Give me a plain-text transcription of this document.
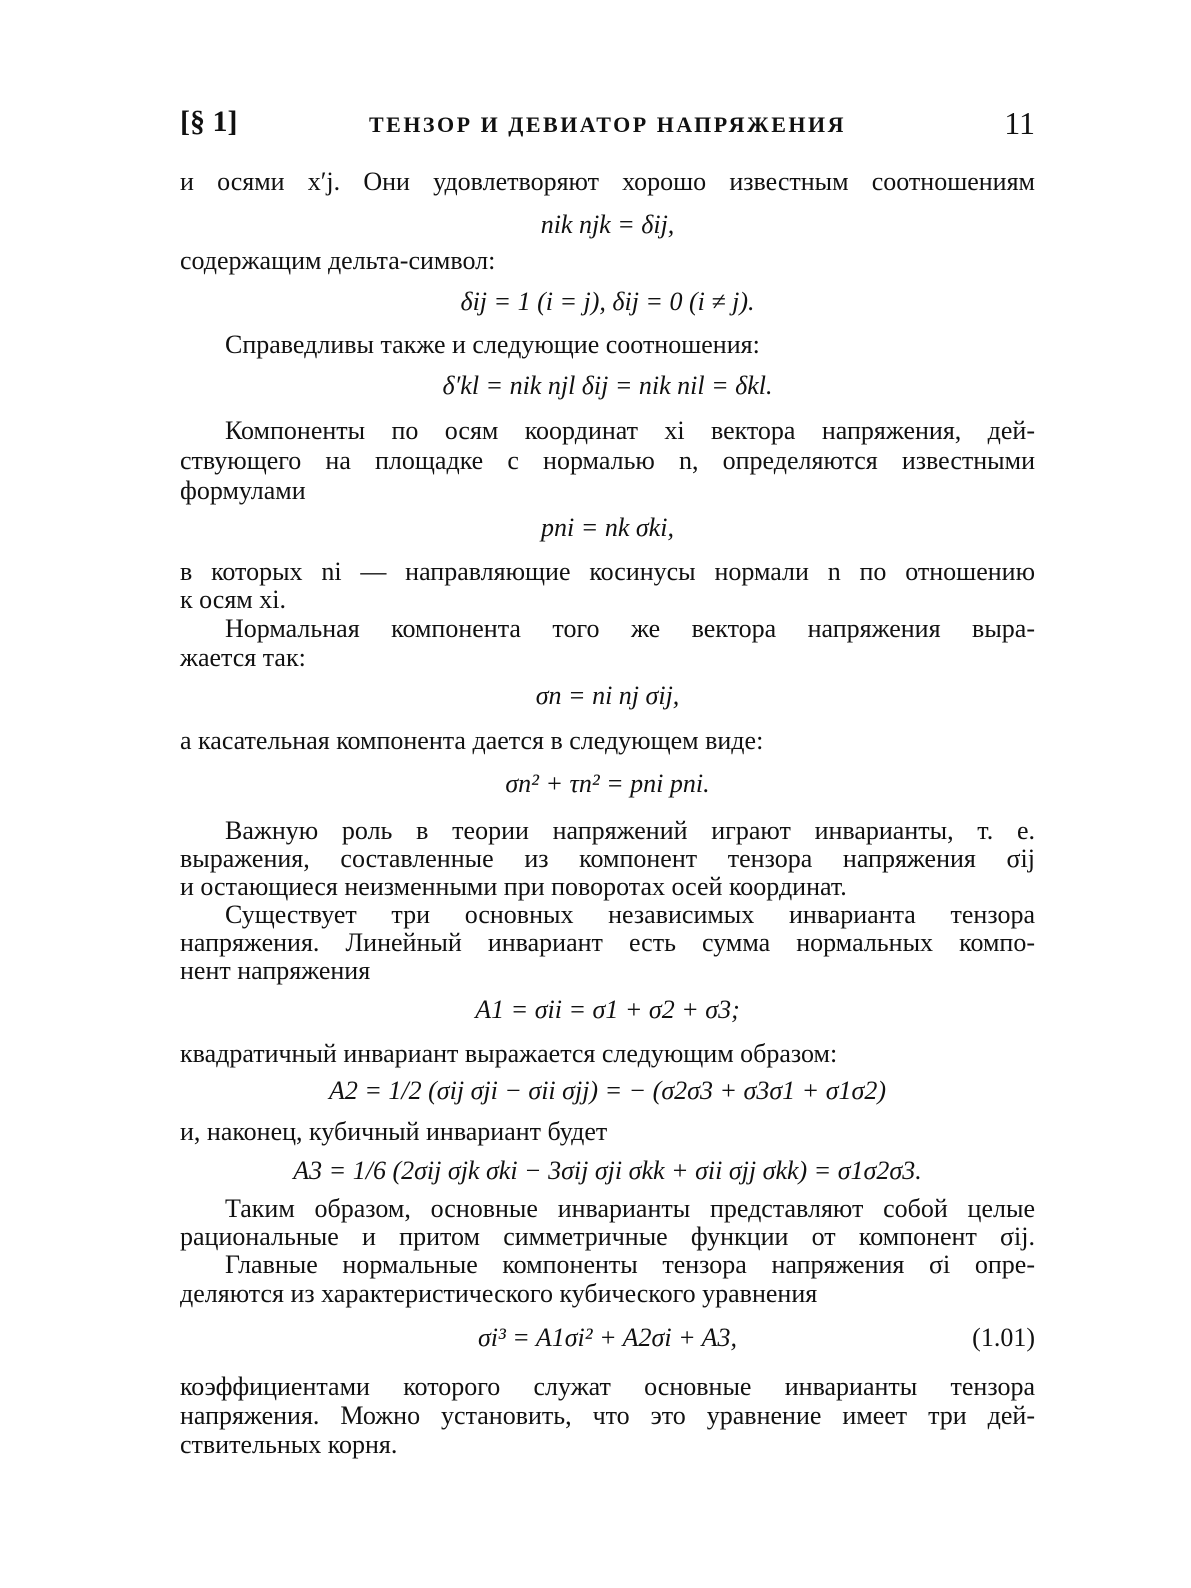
[§ 1]	ТЕНЗОР И ДЕВИАТОР НАПРЯЖЕНИЯ	11
и осями x′j. Они удовлетворяют хорошо известным соотношениям
nik njk = δij,
содержащим дельта-символ:
δij = 1 (i = j), δij = 0 (i ≠ j).
Справедливы также и следующие соотношения:
δ′kl = nik njl δij = nik nil = δkl.
Компоненты по осям координат xi вектора напряжения, дей-
ствующего на площадке с нормалью n, определяются известными
формулами
pni = nk σki,
в которых ni — направляющие косинусы нормали n по отношению
к осям xi.
Нормальная компонента того же вектора напряжения выра-
жается так:
σn = ni nj σij,
а касательная компонента дается в следующем виде:
σn² + τn² = pni pni.
Важную роль в теории напряжений играют инварианты, т. е.
выражения, составленные из компонент тензора напряжения σij
и остающиеся неизменными при поворотах осей координат.
Существует три основных независимых инварианта тензора
напряжения. Линейный инвариант есть сумма нормальных компо-
нент напряжения
A1 = σii = σ1 + σ2 + σ3;
квадратичный инвариант выражается следующим образом:
A2 = 1/2 (σij σji − σii σjj) = − (σ2σ3 + σ3σ1 + σ1σ2)
и, наконец, кубичный инвариант будет
A3 = 1/6 (2σij σjk σki − 3σij σji σkk + σii σjj σkk) = σ1σ2σ3.
Таким образом, основные инварианты представляют собой целые
рациональные и притом симметричные функции от компонент σij.
Главные нормальные компоненты тензора напряжения σi опре-
деляются из характеристического кубического уравнения
σi³ = A1σi² + A2σi + A3,	(1.01)
коэффициентами которого служат основные инварианты тензора
напряжения. Можно установить, что это уравнение имеет три дей-
ствительных корня.
